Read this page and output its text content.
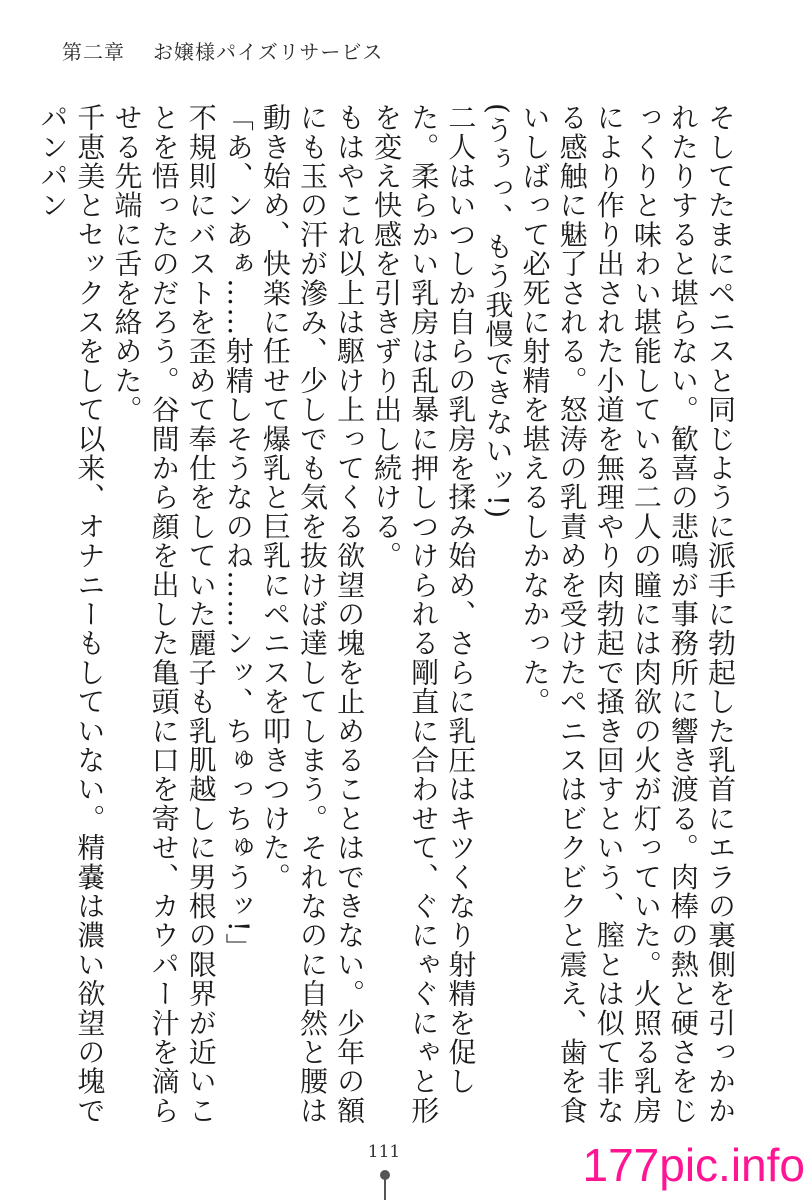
第二章 お嬢様パイズリサービス

そしてたまにペニスと同じように派手に勃起した乳首にエラの裏側を引っかかれたりすると堪らない。歓喜の悲鳴が事務所に響き渡る。肉棒の熱と硬さをじっくりと味わい堪能している二人の瞳には肉欲の火が灯っていた。火照る乳房により作り出された小道を無理やり肉勃起で掻き回すという、膣とは似て非なる感触に魅了される。怒涛の乳責めを受けたペニスはビクビクと震え、歯を食いしばって必死に射精を堪えるしかなかった。

(うぅっ、もう我慢できないッ!)

二人はいつしか自らの乳房を揉み始め、さらに乳圧はキツくなり射精を促した。柔らかい乳房は乱暴に押しつけられる剛直に合わせて、ぐにゃぐにゃと形を変え快感を引きずり出し続ける。

もはやこれ以上は駆け上ってくる欲望の塊を止めることはできない。少年の額にも玉の汗が滲み、少しでも気を抜けば達してしまう。それなのに自然と腰は動き始め、快楽に任せて爆乳と巨乳にペニスを叩きつけた。

「あ、ンあぁ……射精しそうなのね……ンッ、ちゅっちゅうッ!」

不規則にバストを歪めて奉仕をしていた麗子も乳肌越しに男根の限界が近いことを悟ったのだろう。谷間から顔を出した亀頭に口を寄せ、カウパー汁を滴らせる先端に舌を絡めた。

千恵美とセックスをして以来、オナニーもしていない。精嚢は濃い欲望の塊でパンパン

111	177pic.info
